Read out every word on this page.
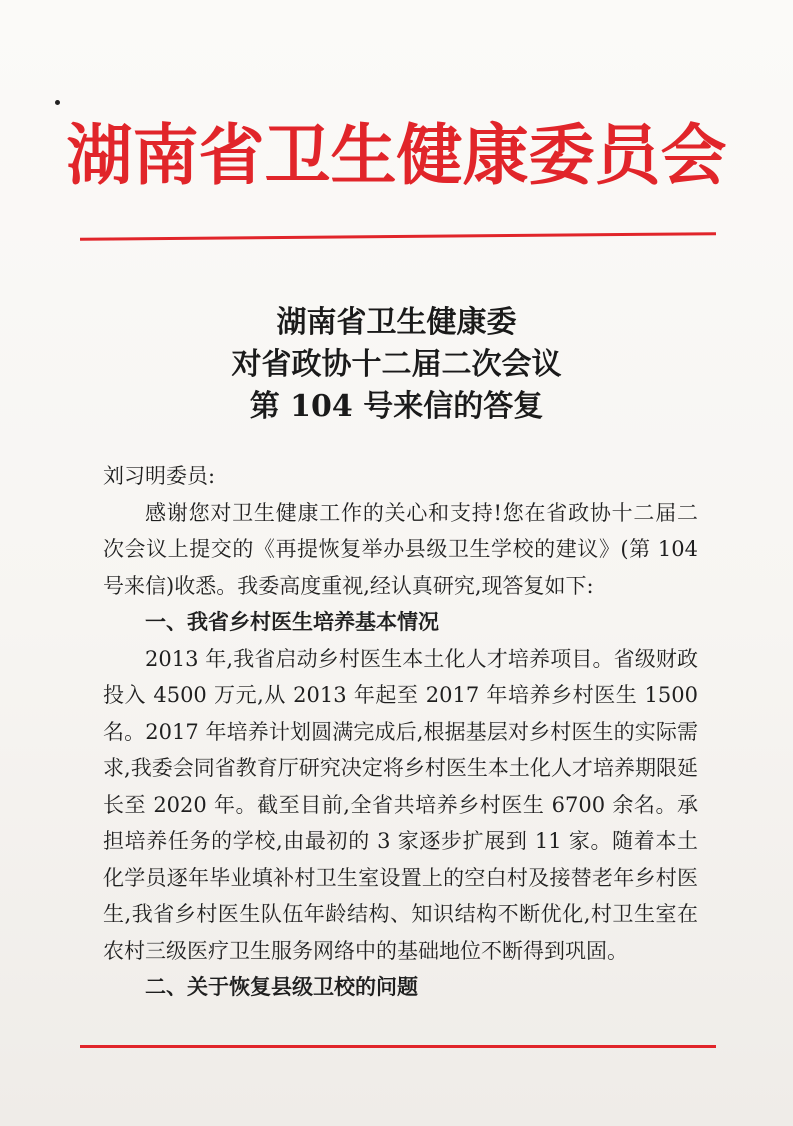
湖南省卫生健康委员会
湖南省卫生健康委
对省政协十二届二次会议
第 104 号来信的答复

刘习明委员:

感谢您对卫生健康工作的关心和支持!您在省政协十二届二次会议上提交的《再提恢复举办县级卫生学校的建议》(第 104 号来信)收悉。我委高度重视,经认真研究,现答复如下:

一、我省乡村医生培养基本情况

2013 年,我省启动乡村医生本土化人才培养项目。省级财政投入 4500 万元,从 2013 年起至 2017 年培养乡村医生 1500 名。2017 年培养计划圆满完成后,根据基层对乡村医生的实际需求,我委会同省教育厅研究决定将乡村医生本土化人才培养期限延长至 2020 年。截至目前,全省共培养乡村医生 6700 余名。承担培养任务的学校,由最初的 3 家逐步扩展到 11 家。随着本土化学员逐年毕业填补村卫生室设置上的空白村及接替老年乡村医生,我省乡村医生队伍年龄结构、知识结构不断优化,村卫生室在农村三级医疗卫生服务网络中的基础地位不断得到巩固。

二、关于恢复县级卫校的问题
